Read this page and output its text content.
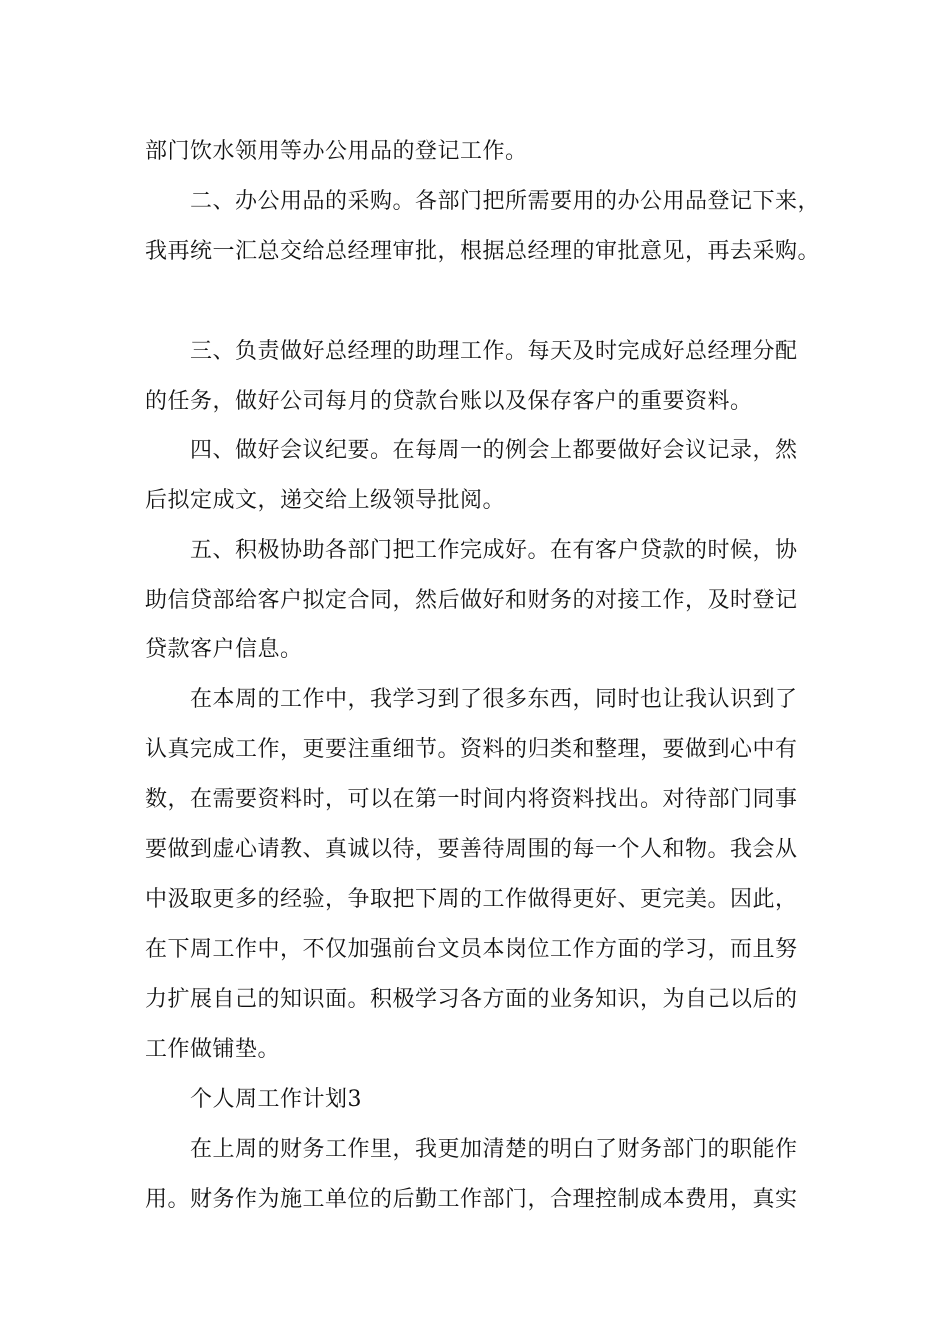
部门饮水领用等办公用品的登记工作。
二、办公用品的采购。各部门把所需要用的办公用品登记下来，
我再统一汇总交给总经理审批，根据总经理的审批意见，再去采购。
三、负责做好总经理的助理工作。每天及时完成好总经理分配
的任务，做好公司每月的贷款台账以及保存客户的重要资料。
四、做好会议纪要。在每周一的例会上都要做好会议记录，然
后拟定成文，递交给上级领导批阅。
五、积极协助各部门把工作完成好。在有客户贷款的时候，协
助信贷部给客户拟定合同，然后做好和财务的对接工作，及时登记
贷款客户信息。
在本周的工作中，我学习到了很多东西，同时也让我认识到了
认真完成工作，更要注重细节。资料的归类和整理，要做到心中有
数，在需要资料时，可以在第一时间内将资料找出。对待部门同事
要做到虚心请教、真诚以待，要善待周围的每一个人和物。我会从
中汲取更多的经验，争取把下周的工作做得更好、更完美。因此，
在下周工作中，不仅加强前台文员本岗位工作方面的学习，而且努
力扩展自己的知识面。积极学习各方面的业务知识，为自己以后的
工作做铺垫。
个人周工作计划3
在上周的财务工作里，我更加清楚的明白了财务部门的职能作
用。财务作为施工单位的后勤工作部门，合理控制成本费用，真实
